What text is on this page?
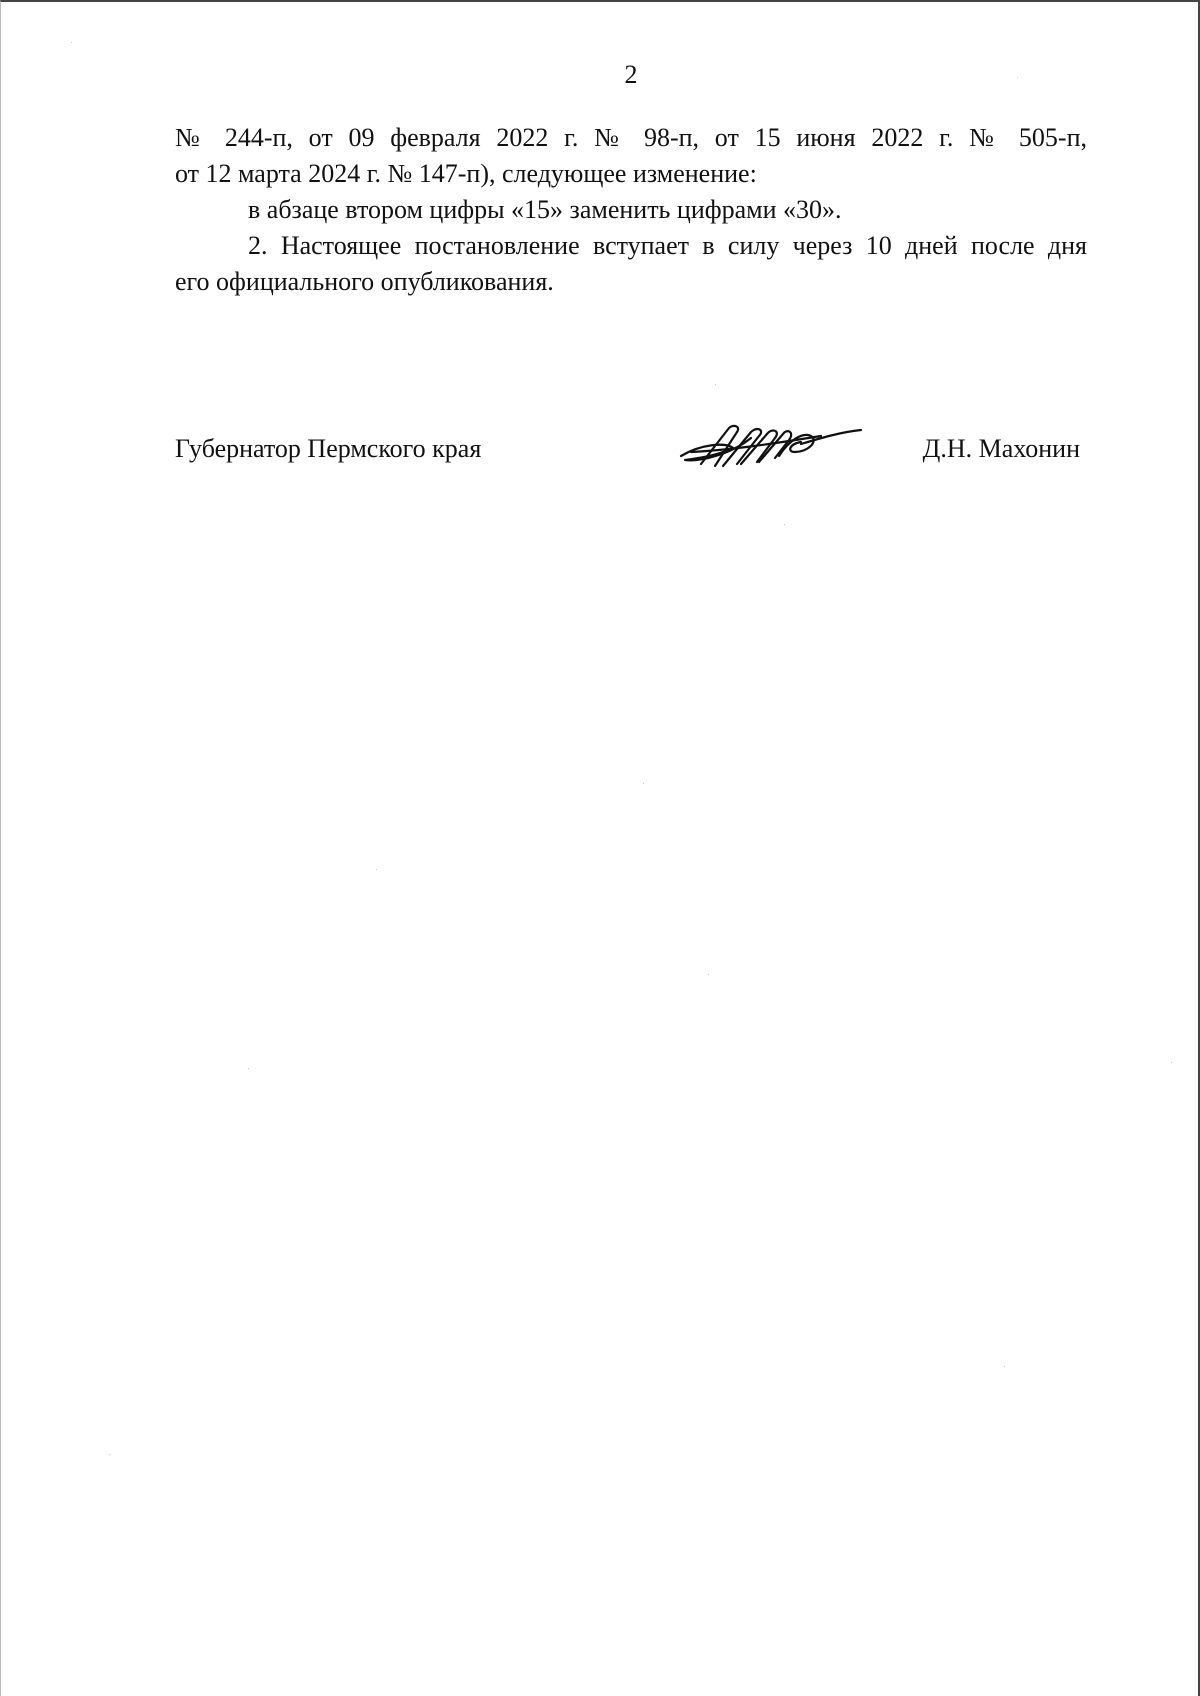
2
№ 244-п, от 09 февраля 2022 г. № 98-п, от 15 июня 2022 г. № 505-п,
от 12 марта 2024 г. № 147-п), следующее изменение:
в абзаце втором цифры «15» заменить цифрами «30».
2. Настоящее постановление вступает в силу через 10 дней после дня
его официального опубликования.
Губернатор Пермского края	Д.Н. Махонин
